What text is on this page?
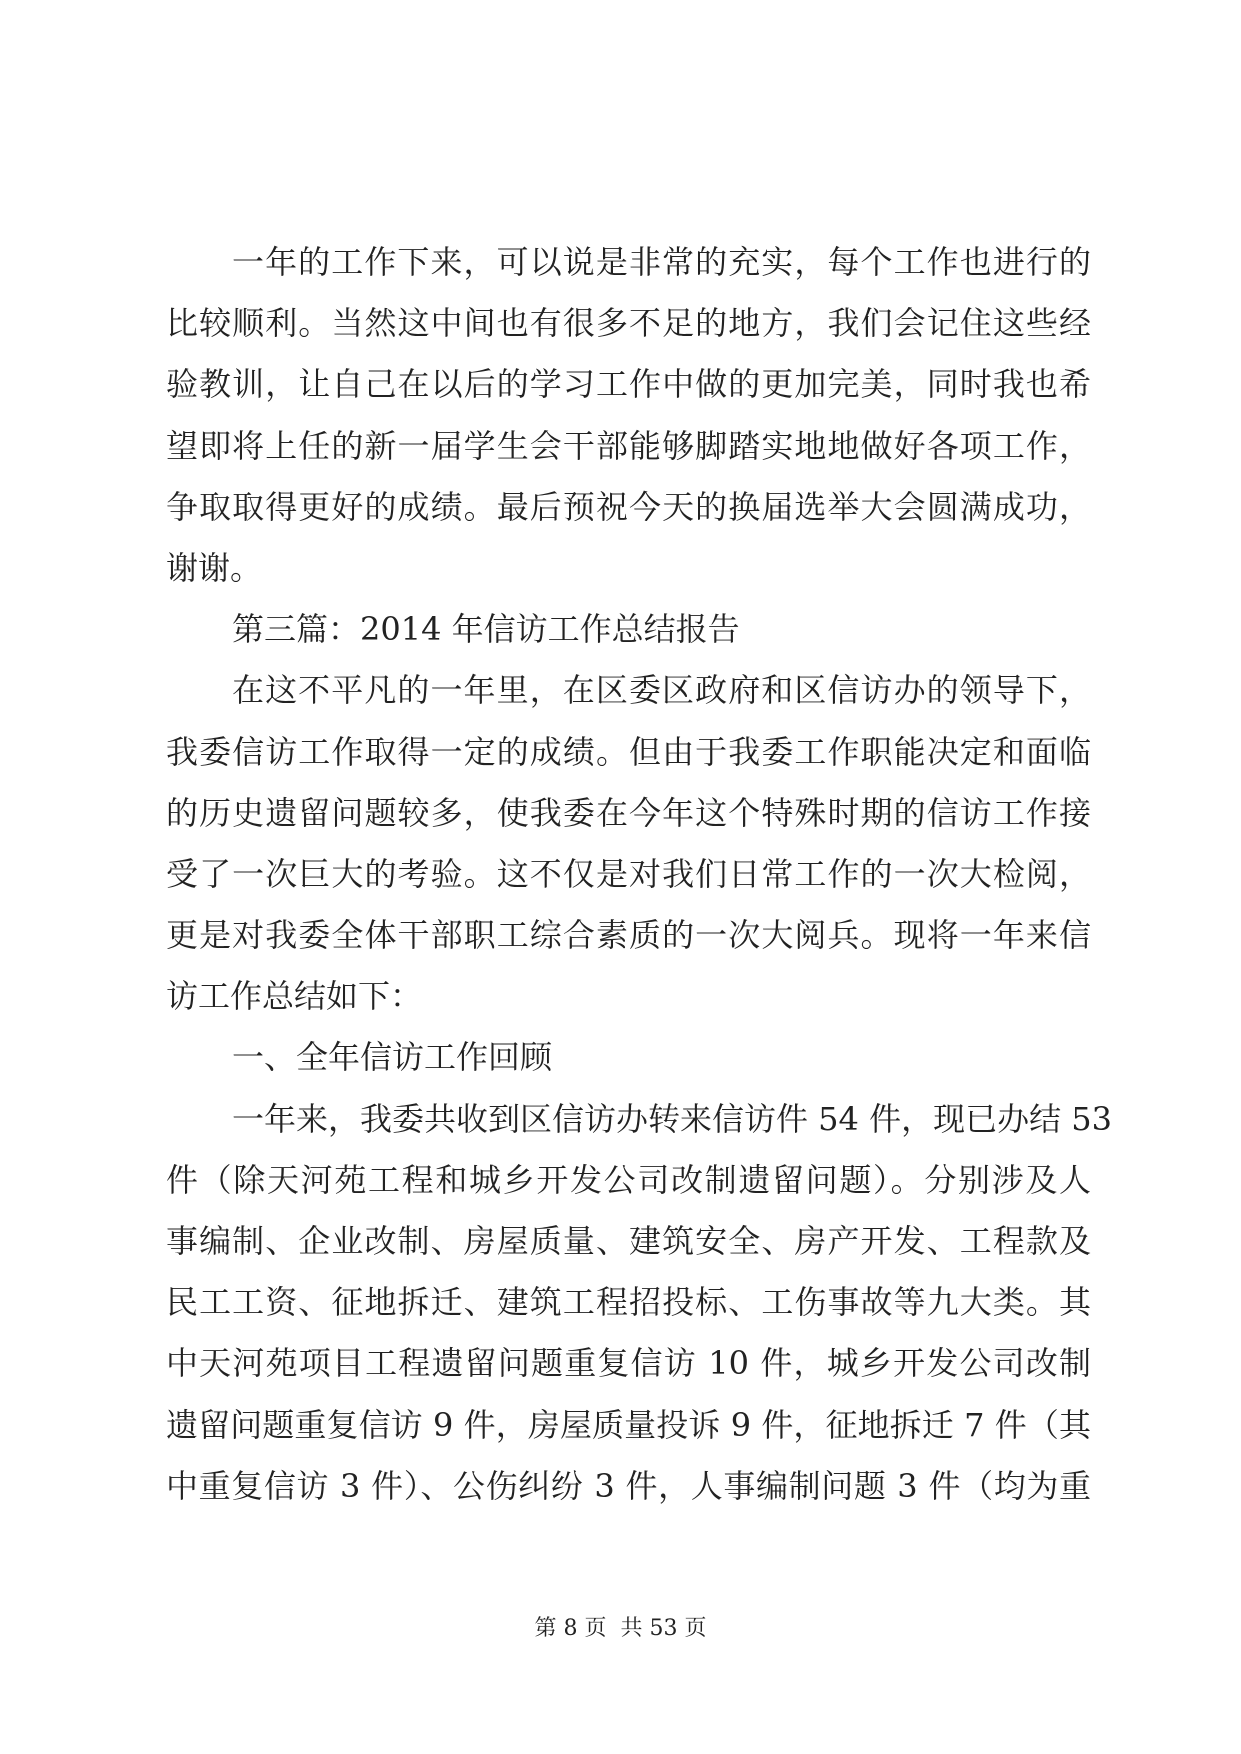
一年的工作下来，可以说是非常的充实，每个工作也进行的
比较顺利。当然这中间也有很多不足的地方，我们会记住这些经
验教训，让自己在以后的学习工作中做的更加完美，同时我也希
望即将上任的新一届学生会干部能够脚踏实地地做好各项工作，
争取取得更好的成绩。最后预祝今天的换届选举大会圆满成功，
谢谢。
第三篇：2014 年信访工作总结报告
在这不平凡的一年里，在区委区政府和区信访办的领导下，
我委信访工作取得一定的成绩。但由于我委工作职能决定和面临
的历史遗留问题较多，使我委在今年这个特殊时期的信访工作接
受了一次巨大的考验。这不仅是对我们日常工作的一次大检阅，
更是对我委全体干部职工综合素质的一次大阅兵。现将一年来信
访工作总结如下：
一、全年信访工作回顾
一年来，我委共收到区信访办转来信访件 54 件，现已办结 53
件（除天河苑工程和城乡开发公司改制遗留问题）。分别涉及人
事编制、企业改制、房屋质量、建筑安全、房产开发、工程款及
民工工资、征地拆迁、建筑工程招投标、工伤事故等九大类。其
中天河苑项目工程遗留问题重复信访 10 件，城乡开发公司改制
遗留问题重复信访 9 件，房屋质量投诉 9 件，征地拆迁 7 件（其
中重复信访 3 件）、公伤纠纷 3 件，人事编制问题 3 件（均为重
第 8 页 共 53 页
